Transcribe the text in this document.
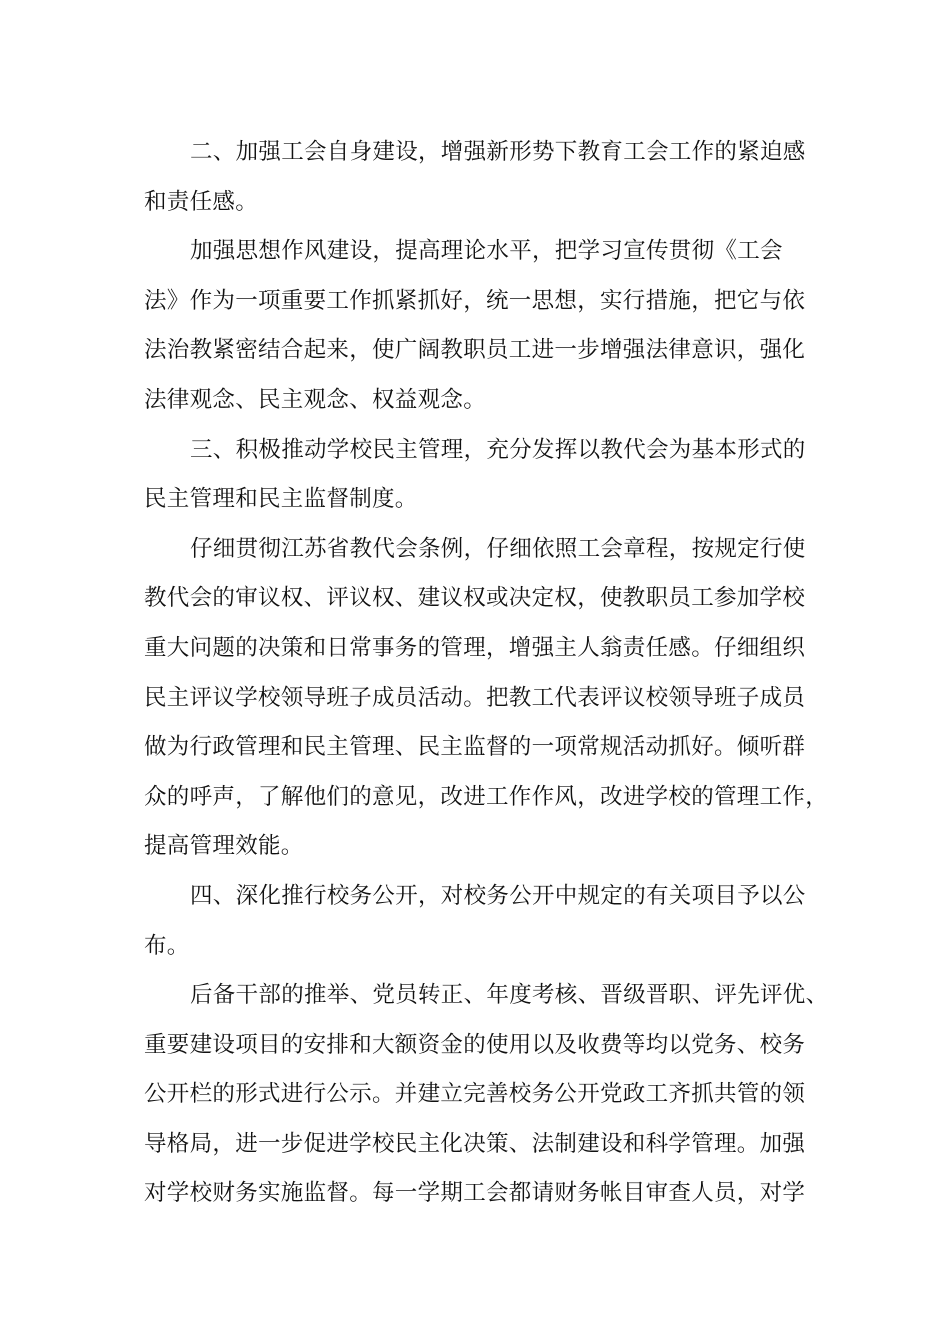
二、加强工会自身建设，增强新形势下教育工会工作的紧迫感
和责任感。
加强思想作风建设，提高理论水平，把学习宣传贯彻《工会
法》作为一项重要工作抓紧抓好，统一思想，实行措施，把它与依
法治教紧密结合起来，使广阔教职员工进一步增强法律意识，强化
法律观念、民主观念、权益观念。
三、积极推动学校民主管理，充分发挥以教代会为基本形式的
民主管理和民主监督制度。
仔细贯彻江苏省教代会条例，仔细依照工会章程，按规定行使
教代会的审议权、评议权、建议权或决定权，使教职员工参加学校
重大问题的决策和日常事务的管理，增强主人翁责任感。仔细组织
民主评议学校领导班子成员活动。把教工代表评议校领导班子成员
做为行政管理和民主管理、民主监督的一项常规活动抓好。倾听群
众的呼声，了解他们的意见，改进工作作风，改进学校的管理工作，
提高管理效能。
四、深化推行校务公开，对校务公开中规定的有关项目予以公
布。
后备干部的推举、党员转正、年度考核、晋级晋职、评先评优、
重要建设项目的安排和大额资金的使用以及收费等均以党务、校务
公开栏的形式进行公示。并建立完善校务公开党政工齐抓共管的领
导格局，进一步促进学校民主化决策、法制建设和科学管理。加强
对学校财务实施监督。每一学期工会都请财务帐目审查人员，对学
